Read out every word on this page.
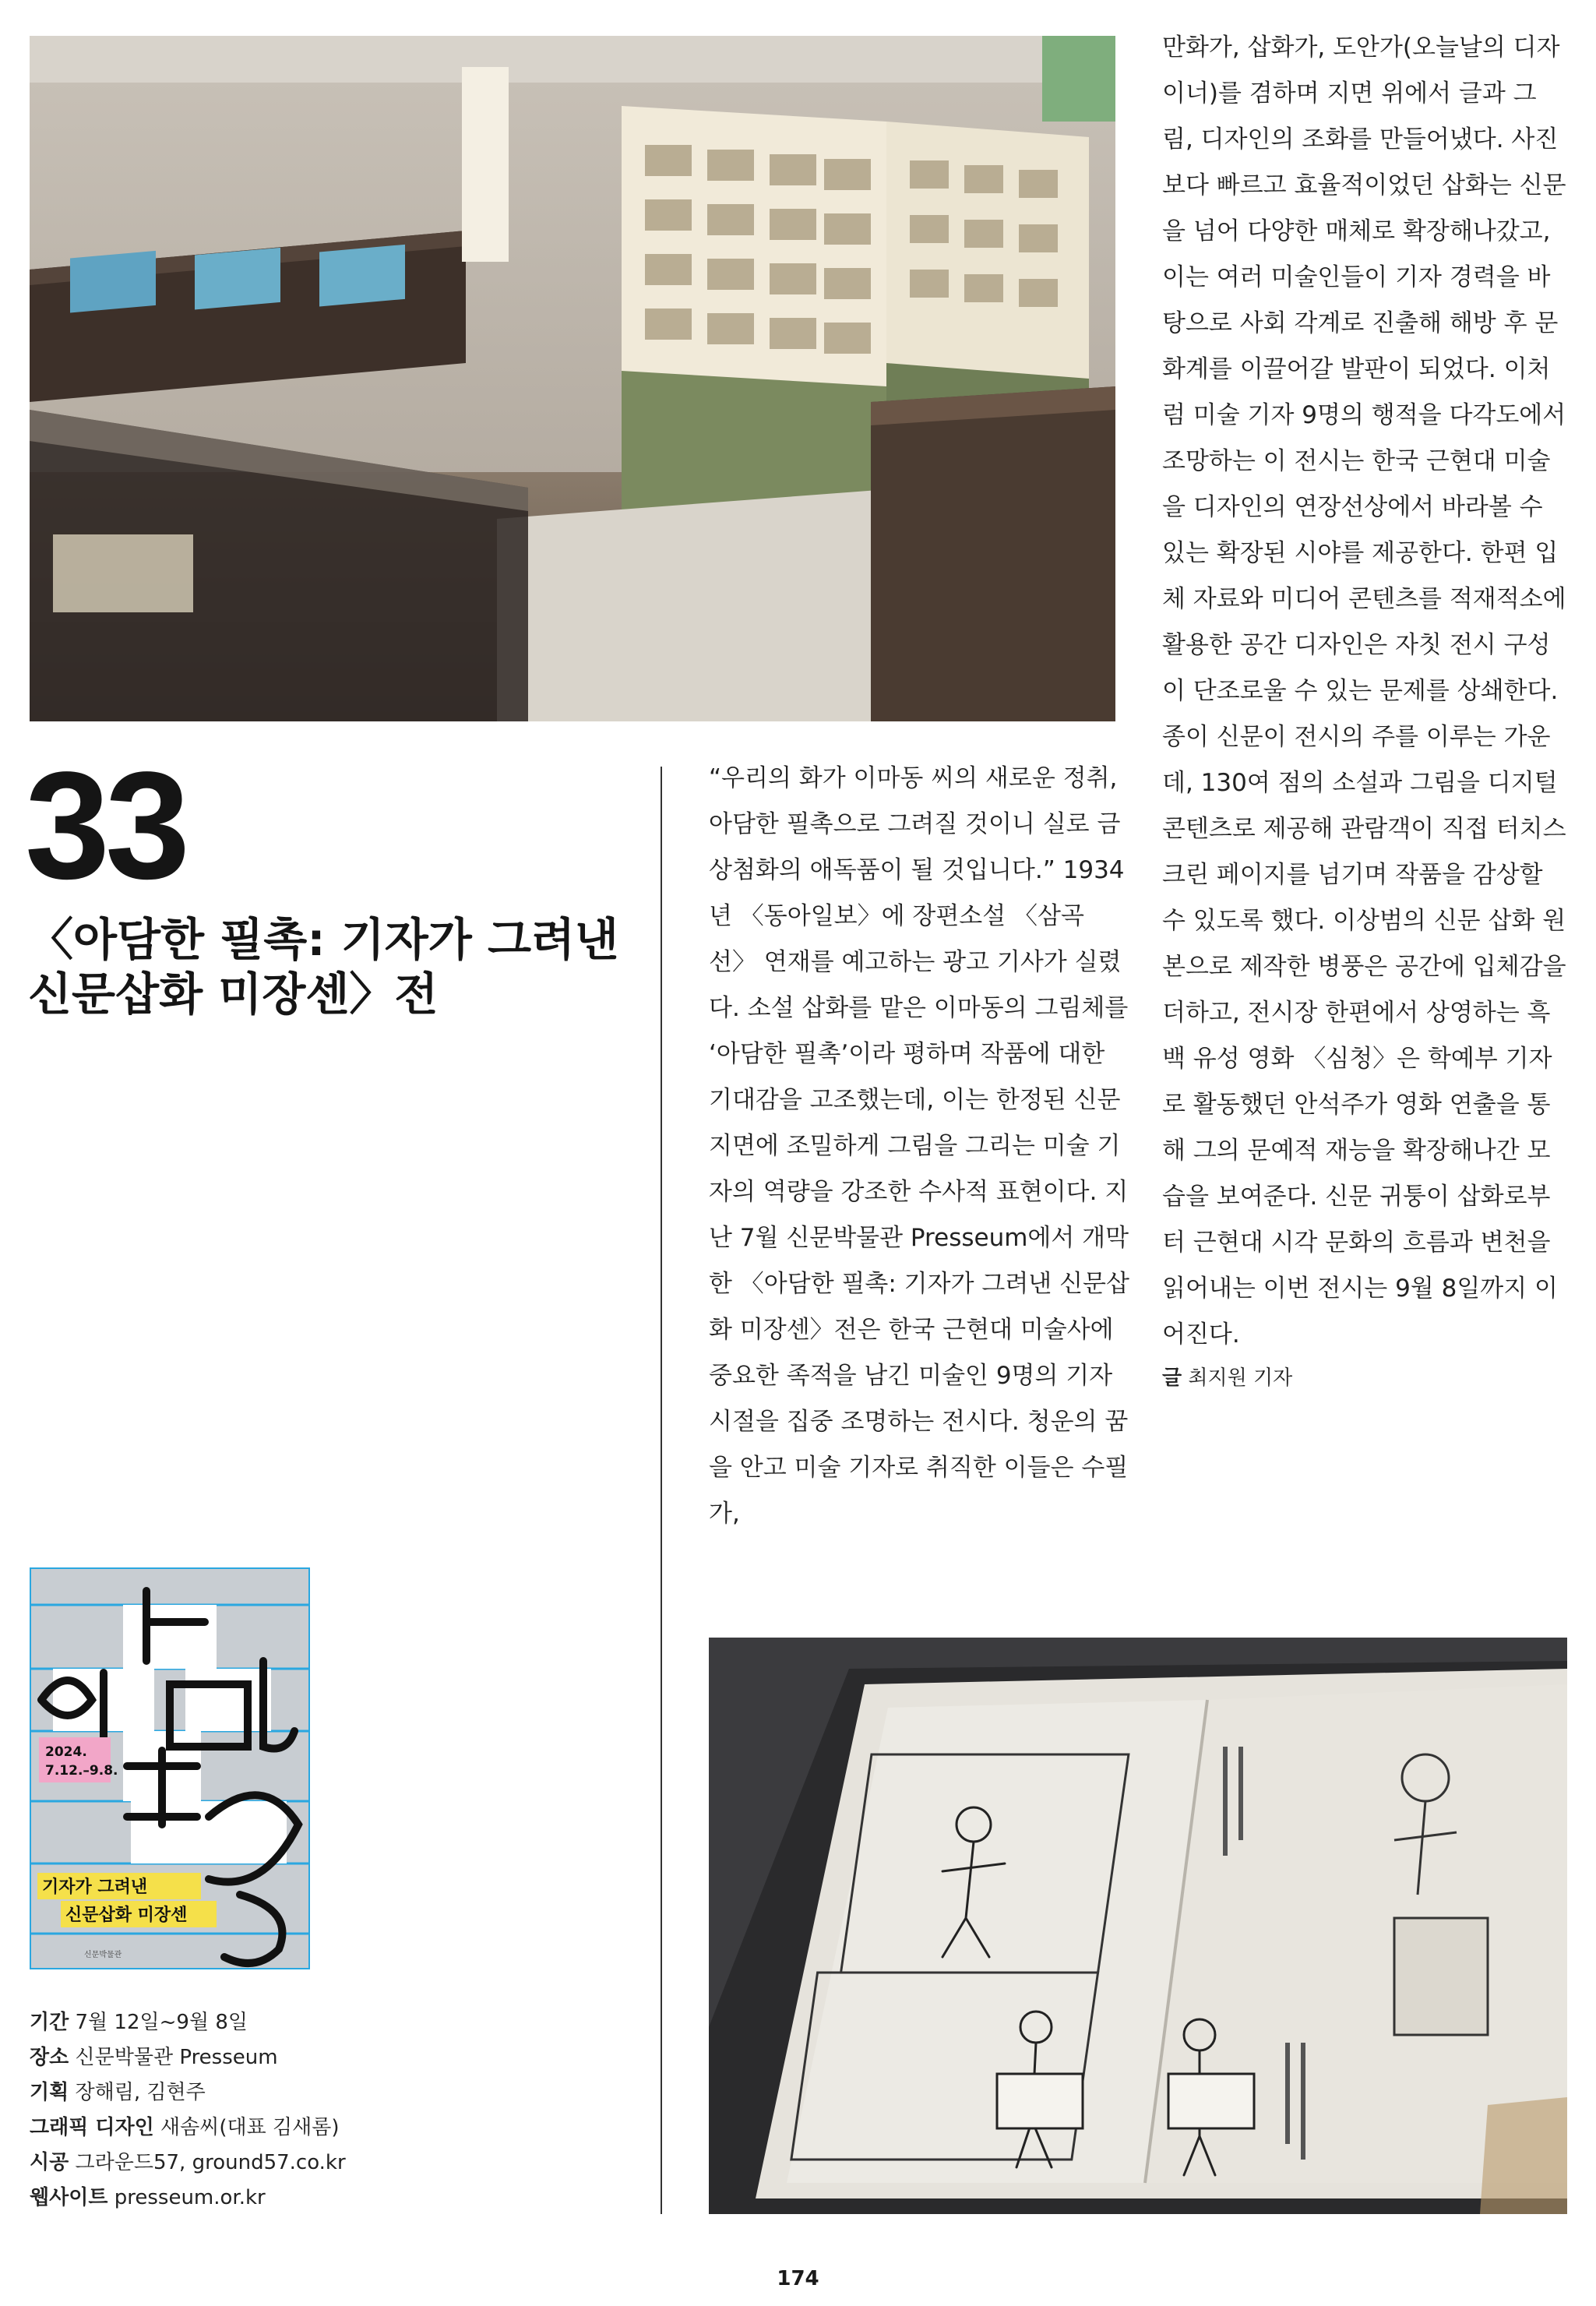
33
〈아담한 필촉: 기자가 그려낸 신문삽화 미장센〉전

“우리의 화가 이마동 씨의 새로운 정취, 아담한 필촉으로 그려질 것이니 실로 금상첨화의 애독품이 될 것입니다.” 1934년 〈동아일보〉에 장편소설 〈삼곡선〉 연재를 예고하는 광고 기사가 실렸다. 소설 삽화를 맡은 이마동의 그림체를 ‘아담한 필촉’이라 평하며 작품에 대한 기대감을 고조했는데, 이는 한정된 신문 지면에 조밀하게 그림을 그리는 미술 기자의 역량을 강조한 수사적 표현이다. 지난 7월 신문박물관 Presseum에서 개막한 〈아담한 필촉: 기자가 그려낸 신문삽화 미장센〉전은 한국 근현대 미술사에 중요한 족적을 남긴 미술인 9명의 기자 시절을 집중 조명하는 전시다. 청운의 꿈을 안고 미술 기자로 취직한 이들은 수필가,

만화가, 삽화가, 도안가(오늘날의 디자이너)를 겸하며 지면 위에서 글과 그림, 디자인의 조화를 만들어냈다. 사진보다 빠르고 효율적이었던 삽화는 신문을 넘어 다양한 매체로 확장해나갔고, 이는 여러 미술인들이 기자 경력을 바탕으로 사회 각계로 진출해 해방 후 문화계를 이끌어갈 발판이 되었다. 이처럼 미술 기자 9명의 행적을 다각도에서 조망하는 이 전시는 한국 근현대 미술을 디자인의 연장선상에서 바라볼 수 있는 확장된 시야를 제공한다. 한편 입체 자료와 미디어 콘텐츠를 적재적소에 활용한 공간 디자인은 자칫 전시 구성이 단조로울 수 있는 문제를 상쇄한다. 종이 신문이 전시의 주를 이루는 가운데, 130여 점의 소설과 그림을 디지털 콘텐츠로 제공해 관람객이 직접 터치스크린 페이지를 넘기며 작품을 감상할 수 있도록 했다. 이상범의 신문 삽화 원본으로 제작한 병풍은 공간에 입체감을 더하고, 전시장 한편에서 상영하는 흑백 유성 영화 〈심청〉은 학예부 기자로 활동했던 안석주가 영화 연출을 통해 그의 문예적 재능을 확장해나간 모습을 보여준다. 신문 귀퉁이 삽화로부터 근현대 시각 문화의 흐름과 변천을 읽어내는 이번 전시는 9월 8일까지 이어진다.

글 최지원 기자

2024.
7.12.–9.8.
기자가 그려낸
신문삽화 미장센
신문박물관
기간 7월 12일~9월 8일
장소 신문박물관 Presseum
기획 장해림, 김현주
그래픽 디자인 새솜씨(대표 김새롬)
시공 그라운드57, ground57.co.kr
웹사이트 presseum.or.kr
174
